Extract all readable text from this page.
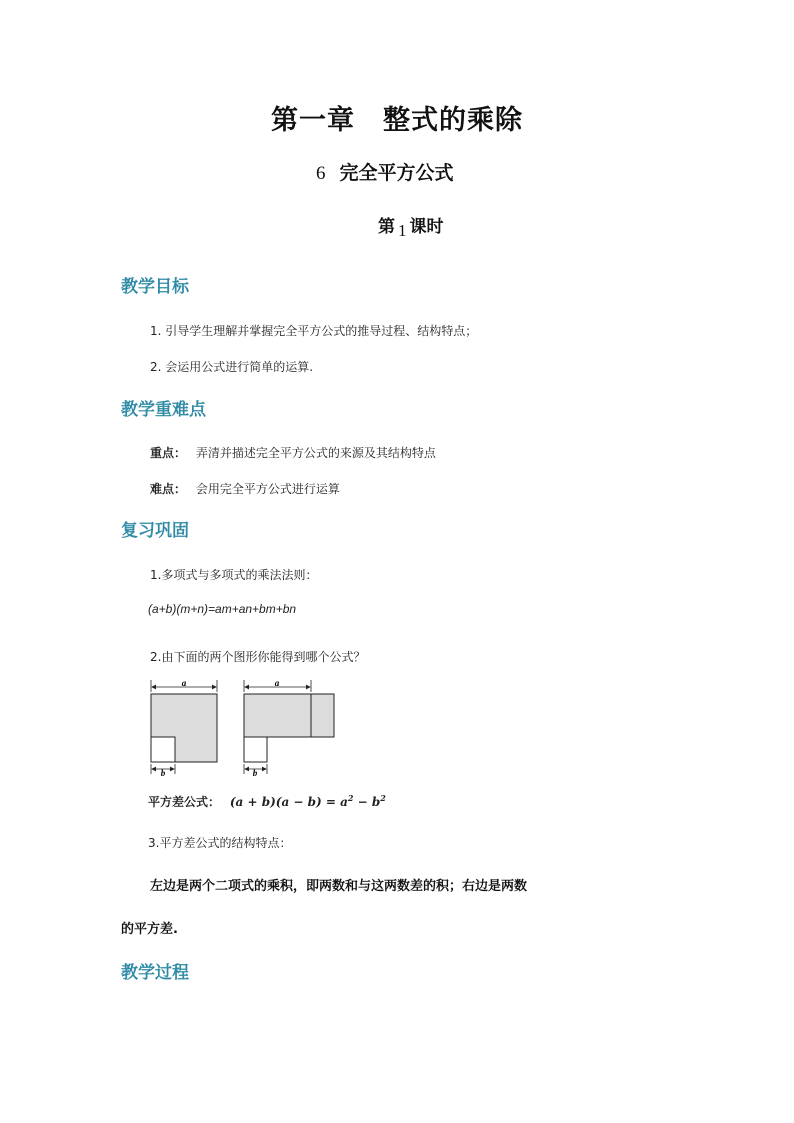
第一章　整式的乘除
6 完全平方公式
第 1 课时
教学目标
1. 引导学生理解并掌握完全平方公式的推导过程、结构特点；
2. 会运用公式进行简单的运算.
教学重难点
重点： 弄清并描述完全平方公式的来源及其结构特点
难点： 会用完全平方公式进行运算
复习巩固
1.多项式与多项式的乘法法则：
(a+b)(m+n)=am+an+bm+bn
2.由下面的两个图形你能得到哪个公式？
a
b
a
b
平方差公式： $(a + b)(a - b) = a^2 - b^2$
3.平方差公式的结构特点：
左边是两个二项式的乘积，即两数和与这两数差的积；右边是两数
的平方差.
教学过程
